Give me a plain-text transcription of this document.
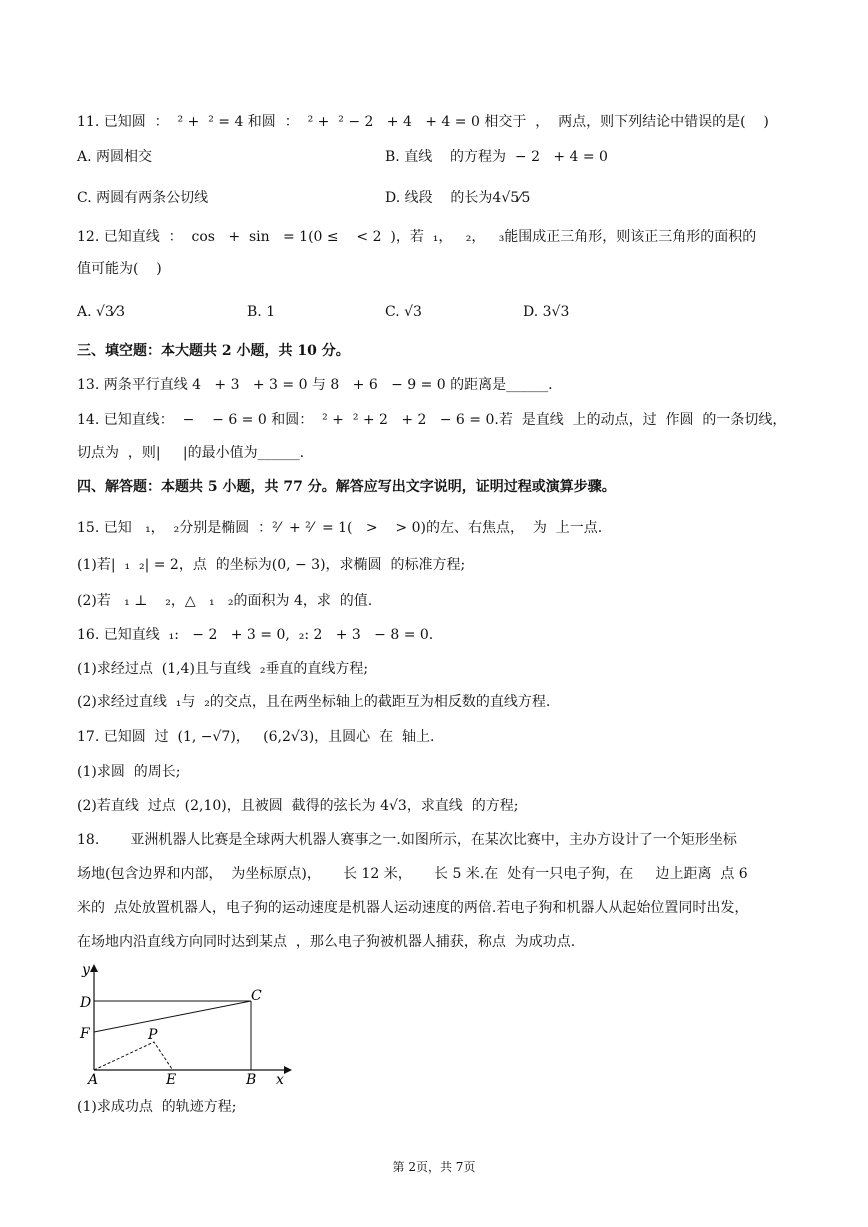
11. 已知圆  ：  ² +  ² = 4 和圆  ：  ² +  ² − 2   + 4   + 4 = 0 相交于  ，  两点，则下列结论中错误的是(    )
A. 两圆相交	B. 直线    的方程为  − 2   + 4 = 0
C. 两圆有两条公切线	D. 线段    的长为4√5⁄5
12. 已知直线  ：  cos   +  sin   = 1(0 ≤    < 2  )，若  ₁，   ₂，   ₃能围成正三角形，则该正三角形的面积的
值可能为(    )
A. √3⁄3	B. 1	C. √3	D. 3√3
三、填空题：本大题共 2 小题，共 10 分。
13. 两条平行直线 4   + 3   + 3 = 0 与 8   + 6   − 9 = 0 的距离是______.
14. 已知直线：  −    − 6 = 0 和圆：  ² +  ² + 2   + 2   − 6 = 0.若  是直线  上的动点，过  作圆  的一条切线，
切点为  ，则|     |的最小值为______.
四、解答题：本题共 5 小题，共 77 分。解答应写出文字说明，证明过程或演算步骤。
15. 已知   ₁，  ₂分别是椭圆  ：²⁄  + ²⁄  = 1(   >    > 0)的左、右焦点，  为  上一点.
(1)若|  ₁  ₂| = 2，点  的坐标为(0, − 3)，求椭圆  的标准方程;
(2)若   ₁ ⊥    ₂，△   ₁   ₂的面积为 4，求  的值.
16. 已知直线  ₁:   − 2   + 3 = 0,  ₂: 2   + 3   − 8 = 0.
(1)求经过点  (1,4)且与直线  ₂垂直的直线方程;
(2)求经过直线  ₁与  ₂的交点，且在两坐标轴上的截距互为相反数的直线方程.
17. 已知圆  过  (1, −√7)，   (6,2√3)，且圆心  在  轴上.
(1)求圆  的周长;
(2)若直线  过点  (2,10)，且被圆  截得的弦长为 4√3，求直线  的方程;
18.       亚洲机器人比赛是全球两大机器人赛事之一.如图所示，在某次比赛中，主办方设计了一个矩形坐标
场地(包含边界和内部，  为坐标原点)，     长 12 米，     长 5 米.在  处有一只电子狗，在     边上距离  点 6
米的  点处放置机器人，电子狗的运动速度是机器人运动速度的两倍.若电子狗和机器人从起始位置同时出发，
在场地内沿直线方向同时达到某点  ，那么电子狗被机器人捕获，称点  为成功点.
y
D	C
F	P
A	E	B x
(1)求成功点  的轨迹方程;
第 2页，共 7页
